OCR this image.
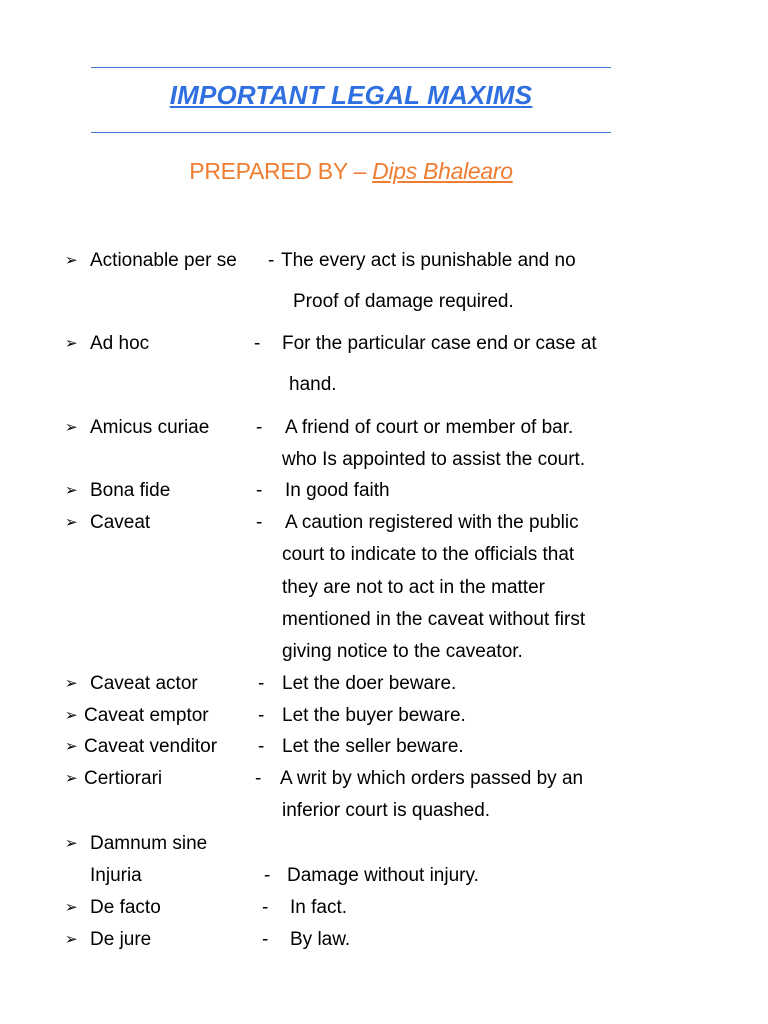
IMPORTANT LEGAL MAXIMS
PREPARED BY – Dips Bhalearo
➢ Actionable per se - The every act is punishable and no
Proof of damage required.
➢ Ad hoc	- For the particular case end or case at
hand.
➢ Amicus curiae - A friend of court or member of bar.
who Is appointed to assist the court.
➢ Bona fide	- In good faith
➢ Caveat	- A caution registered with the public
court to indicate to the officials that
they are not to act in the matter
mentioned in the caveat without first
giving notice to the caveator.
➢ Caveat actor	- Let the doer beware.
➢ Caveat emptor	- Let the buyer beware.
➢ Caveat venditor - Let the seller beware.
➢ Certiorari	- A writ by which orders passed by an
inferior court is quashed.
➢ Damnum sine
Injuria	- Damage without injury.
➢ De facto	- In fact.
➢ De jure	- By law.
